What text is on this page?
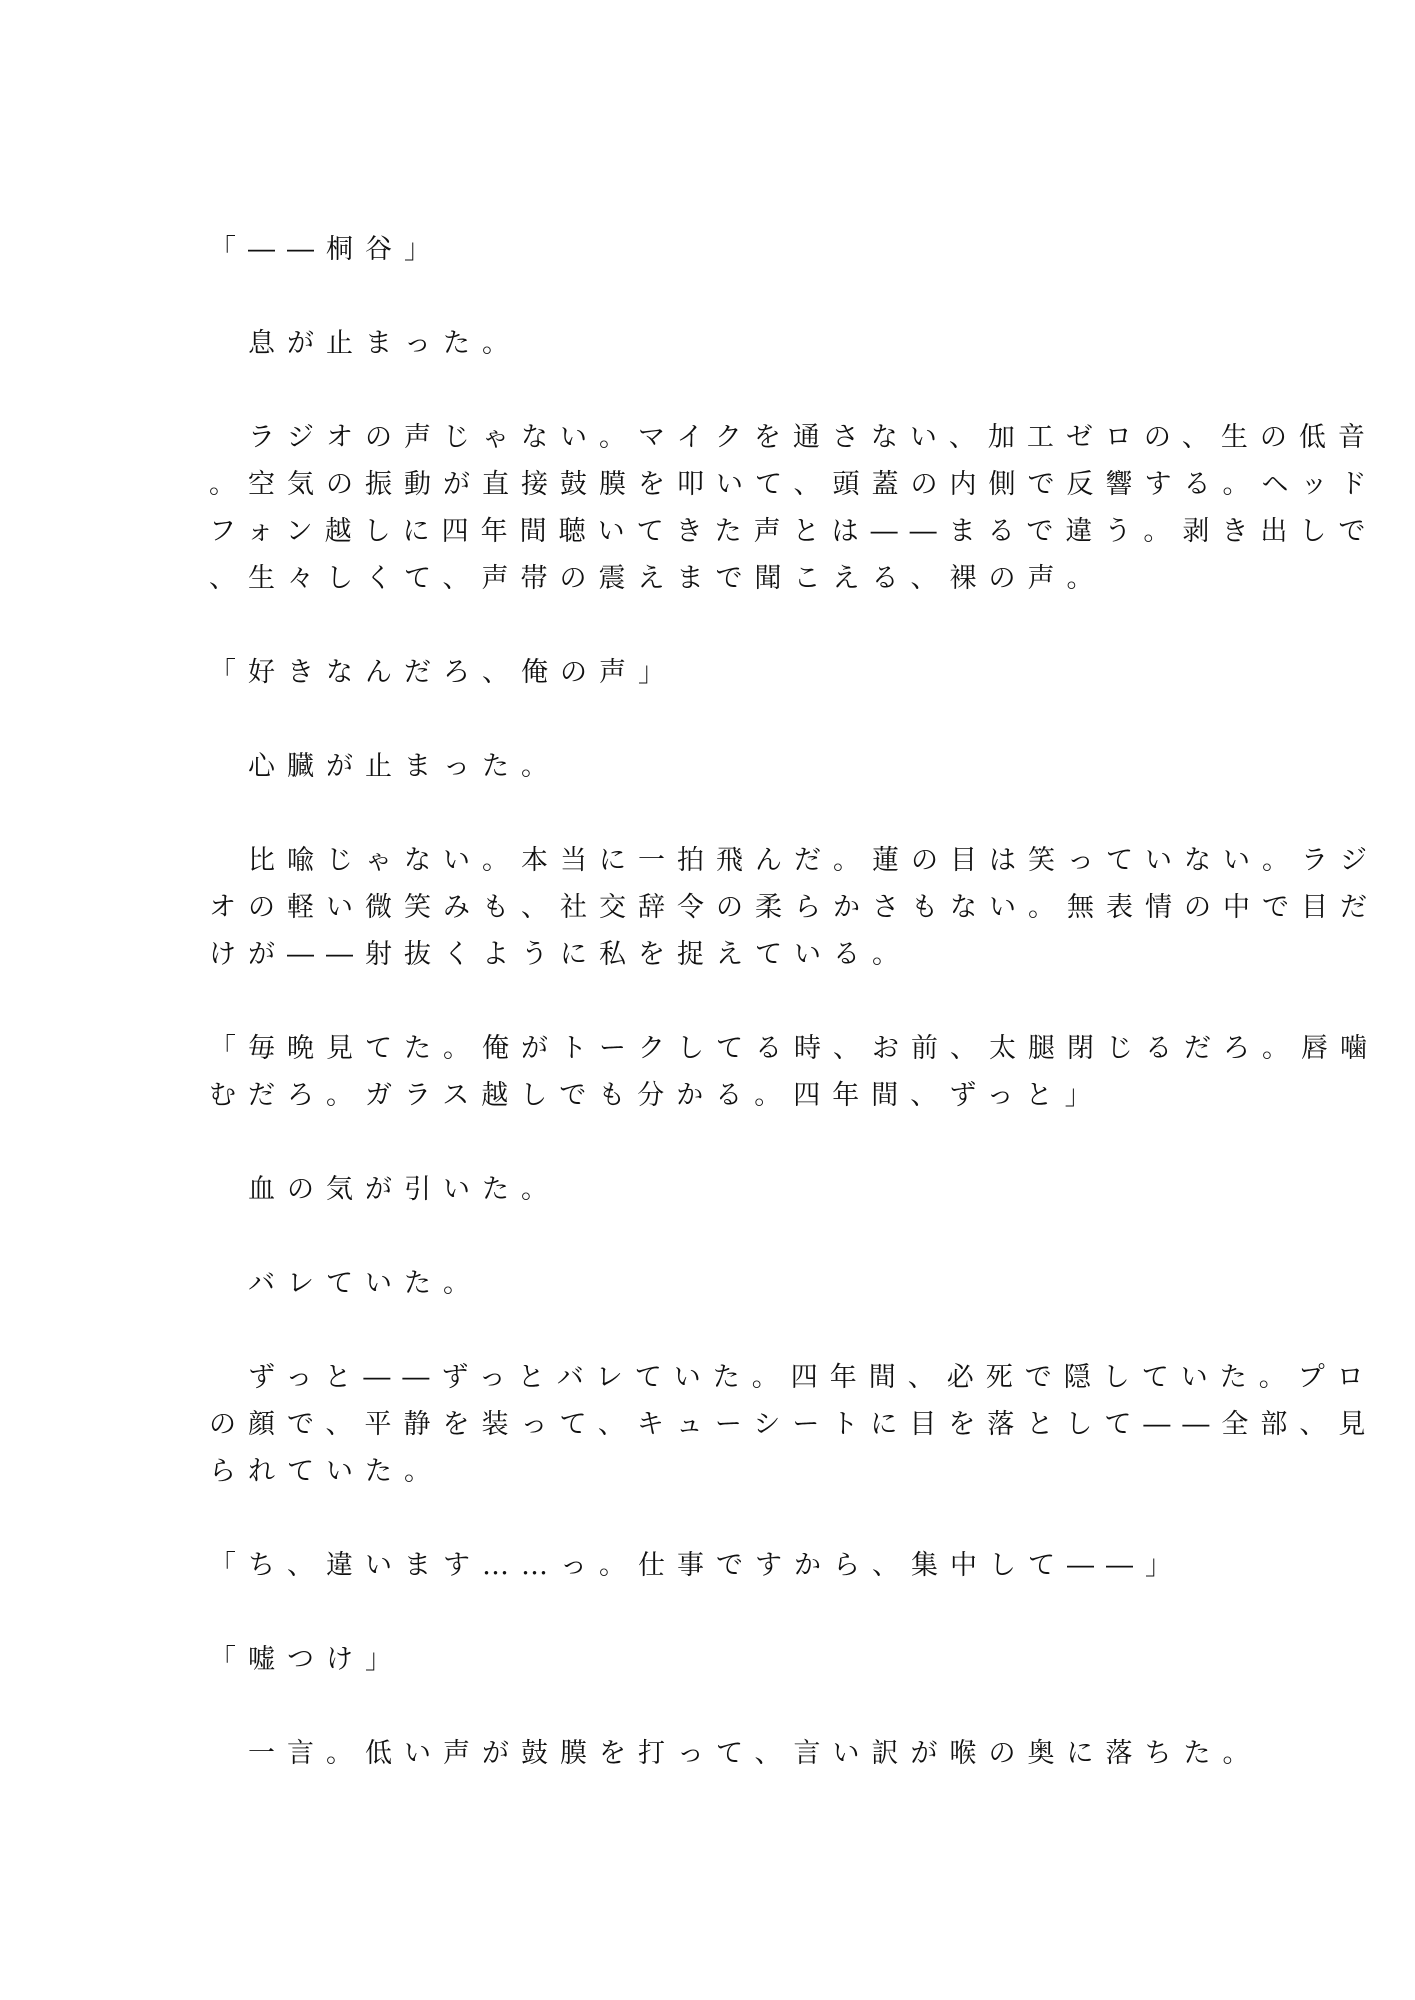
「――桐谷」

　息が止まった。

　ラジオの声じゃない。マイクを通さない、加工ゼロの、生の低音
。空気の振動が直接鼓膜を叩いて、頭蓋の内側で反響する。ヘッド
フォン越しに四年間聴いてきた声とは――まるで違う。剥き出しで
、生々しくて、声帯の震えまで聞こえる、裸の声。

「好きなんだろ、俺の声」

　心臓が止まった。

　比喩じゃない。本当に一拍飛んだ。蓮の目は笑っていない。ラジ
オの軽い微笑みも、社交辞令の柔らかさもない。無表情の中で目だ
けが――射抜くように私を捉えている。

「毎晩見てた。俺がトークしてる時、お前、太腿閉じるだろ。唇噛
むだろ。ガラス越しでも分かる。四年間、ずっと」

　血の気が引いた。

　バレていた。

　ずっと――ずっとバレていた。四年間、必死で隠していた。プロ
の顔で、平静を装って、キューシートに目を落として――全部、見
られていた。

「ち、違います……っ。仕事ですから、集中して――」

「嘘つけ」

　一言。低い声が鼓膜を打って、言い訳が喉の奥に落ちた。
